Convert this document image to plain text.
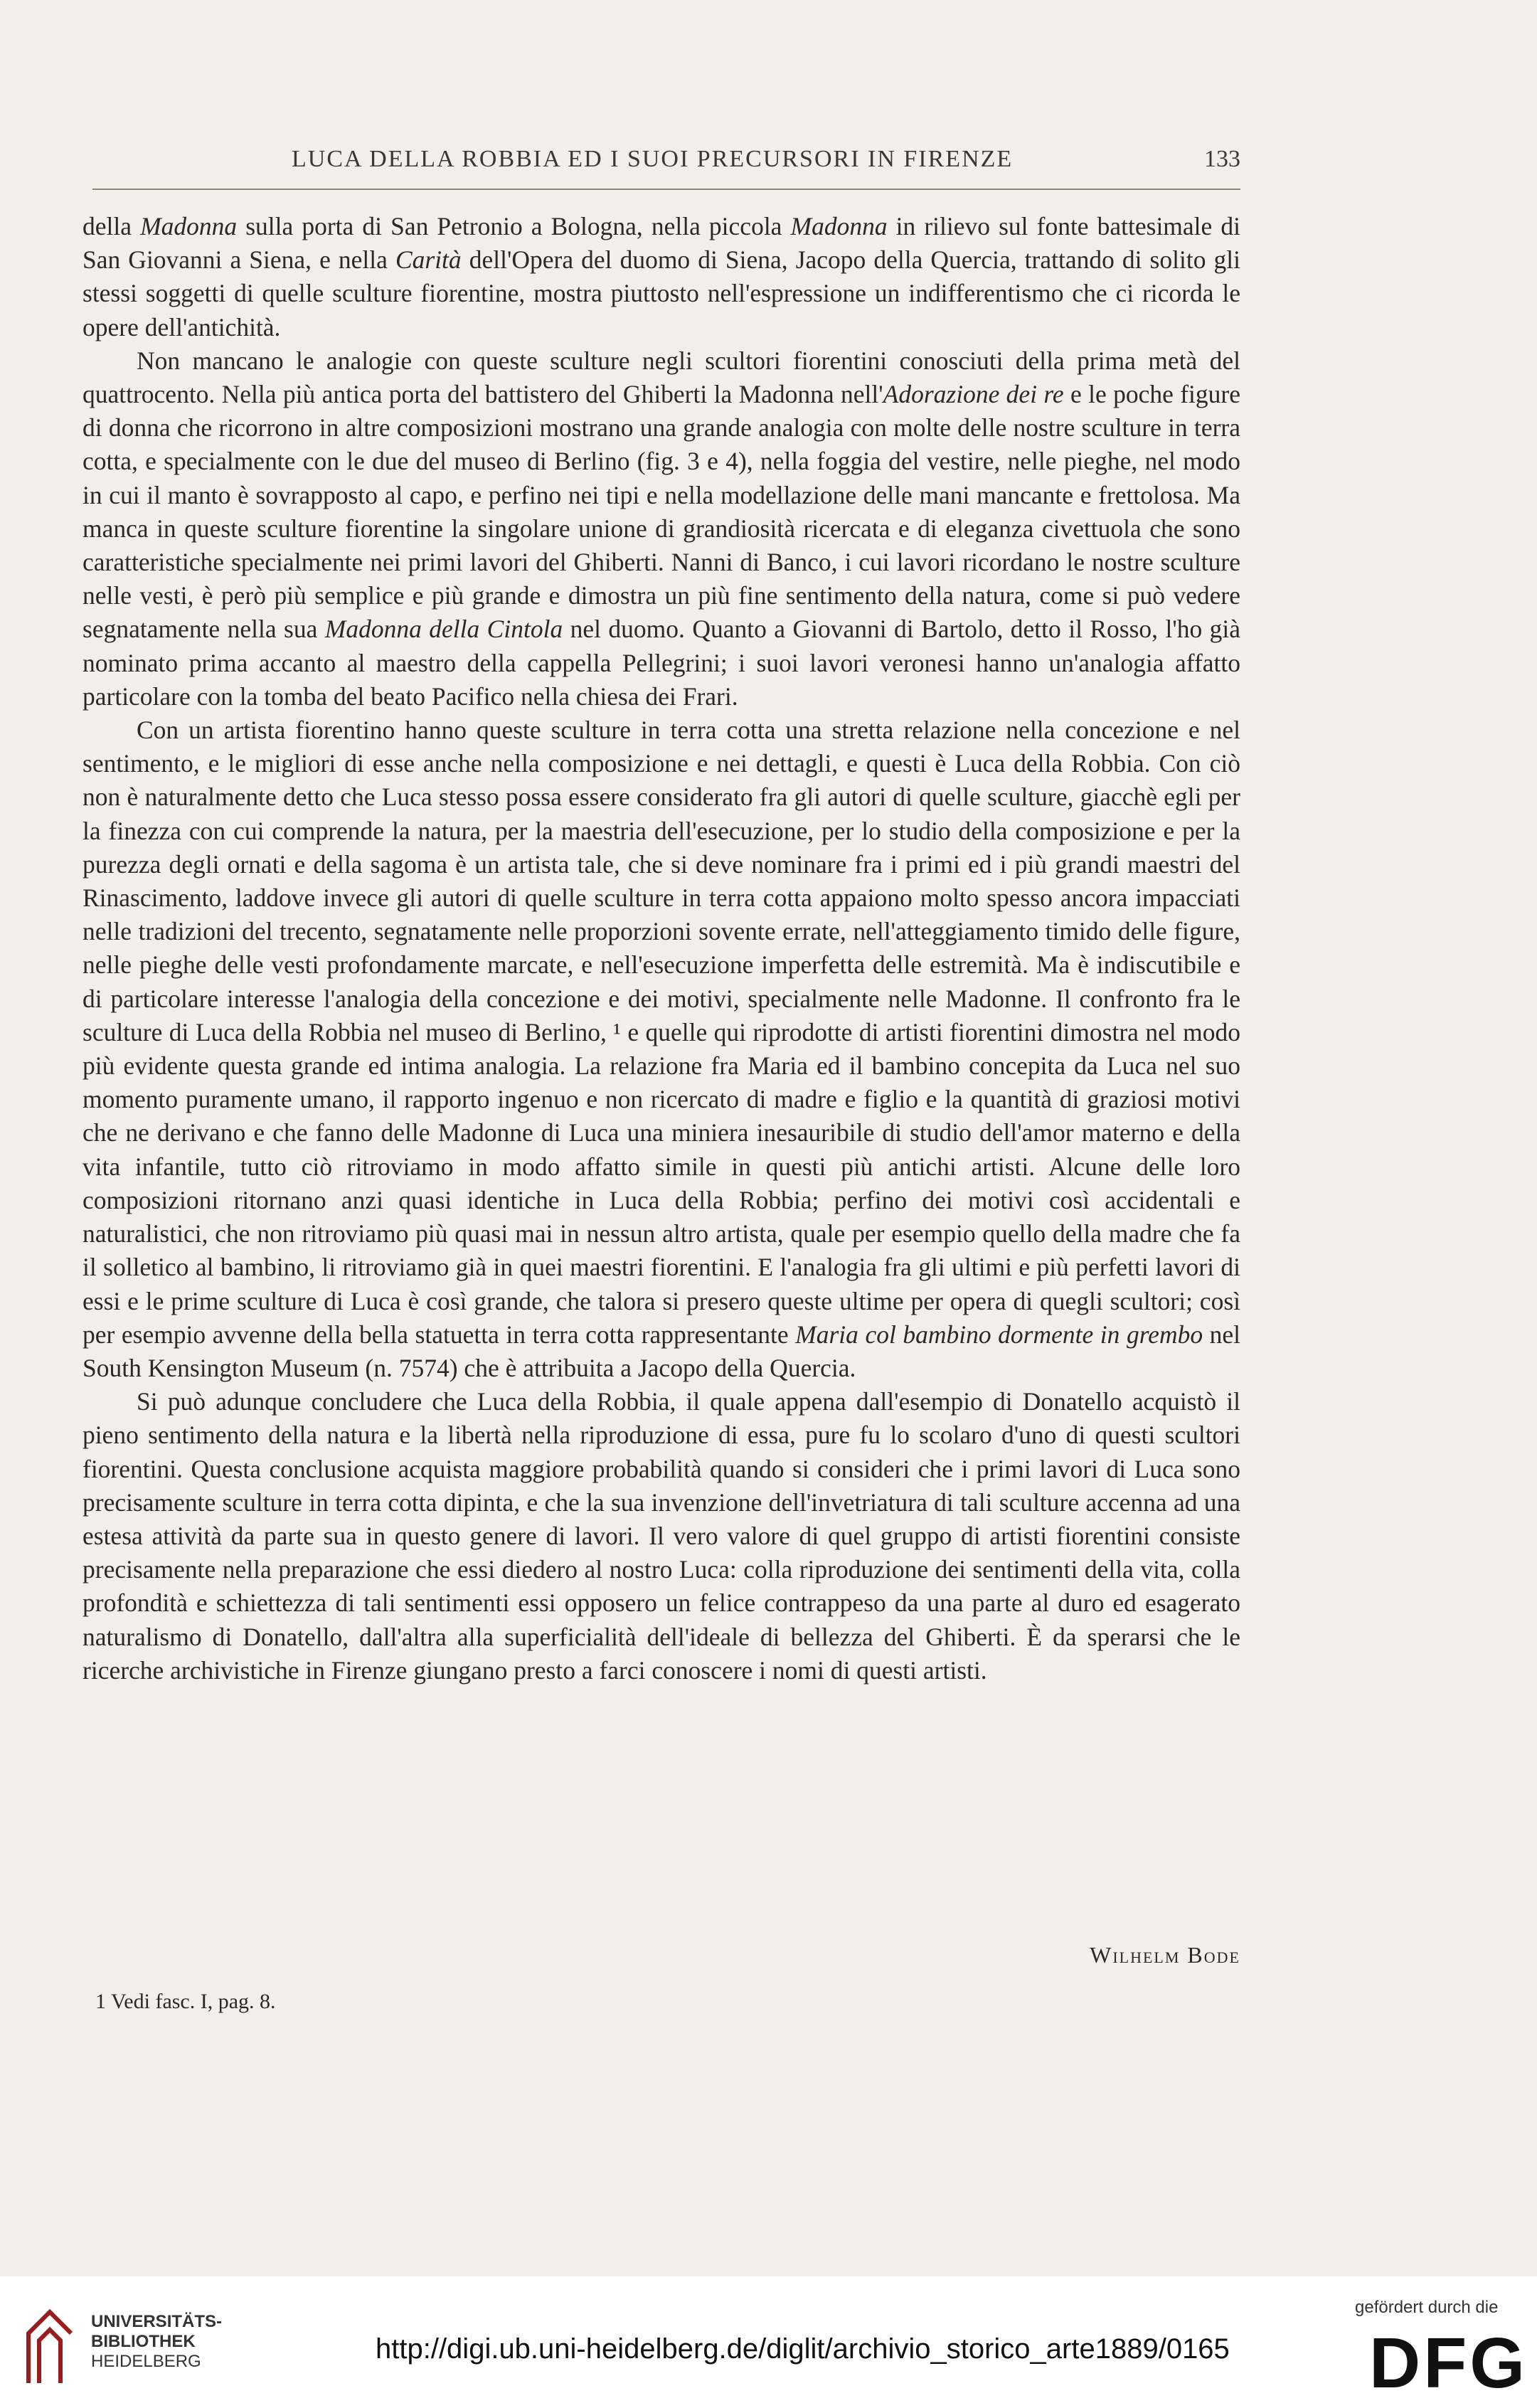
LUCA DELLA ROBBIA ED I SUOI PRECURSORI IN FIRENZE	133

della Madonna sulla porta di San Petronio a Bologna, nella piccola Madonna in rilievo sul fonte battesimale di San Giovanni a Siena, e nella Carità dell'Opera del duomo di Siena, Jacopo della Quercia, trattando di solito gli stessi soggetti di quelle sculture fiorentine, mostra piuttosto nell'espressione un indifferentismo che ci ricorda le opere dell'antichità.

Non mancano le analogie con queste sculture negli scultori fiorentini conosciuti della prima metà del quattrocento. Nella più antica porta del battistero del Ghiberti la Madonna nell'Adorazione dei re e le poche figure di donna che ricorrono in altre composizioni mostrano una grande analogia con molte delle nostre sculture in terra cotta, e specialmente con le due del museo di Berlino (fig. 3 e 4), nella foggia del vestire, nelle pieghe, nel modo in cui il manto è sovrapposto al capo, e perfino nei tipi e nella modellazione delle mani mancante e frettolosa. Ma manca in queste sculture fiorentine la singolare unione di grandiosità ricercata e di eleganza civettuola che sono caratteristiche specialmente nei primi lavori del Ghiberti. Nanni di Banco, i cui lavori ricordano le nostre sculture nelle vesti, è però più semplice e più grande e dimostra un più fine sentimento della natura, come si può vedere segnatamente nella sua Madonna della Cintola nel duomo. Quanto a Giovanni di Bartolo, detto il Rosso, l'ho già nominato prima accanto al maestro della cappella Pellegrini; i suoi lavori veronesi hanno un'analogia affatto particolare con la tomba del beato Pacifico nella chiesa dei Frari.

Con un artista fiorentino hanno queste sculture in terra cotta una stretta relazione nella concezione e nel sentimento, e le migliori di esse anche nella composizione e nei dettagli, e questi è Luca della Robbia. Con ciò non è naturalmente detto che Luca stesso possa essere considerato fra gli autori di quelle sculture, giacchè egli per la finezza con cui comprende la natura, per la maestria dell'esecuzione, per lo studio della composizione e per la purezza degli ornati e della sagoma è un artista tale, che si deve nominare fra i primi ed i più grandi maestri del Rinascimento, laddove invece gli autori di quelle sculture in terra cotta appaiono molto spesso ancora impacciati nelle tradizioni del trecento, segnatamente nelle proporzioni sovente errate, nell'atteggiamento timido delle figure, nelle pieghe delle vesti profondamente marcate, e nell'esecuzione imperfetta delle estremità. Ma è indiscutibile e di particolare interesse l'analogia della concezione e dei motivi, specialmente nelle Madonne. Il confronto fra le sculture di Luca della Robbia nel museo di Berlino, ¹ e quelle qui riprodotte di artisti fiorentini dimostra nel modo più evidente questa grande ed intima analogia. La relazione fra Maria ed il bambino concepita da Luca nel suo momento puramente umano, il rapporto ingenuo e non ricercato di madre e figlio e la quantità di graziosi motivi che ne derivano e che fanno delle Madonne di Luca una miniera inesauribile di studio dell'amor materno e della vita infantile, tutto ciò ritroviamo in modo affatto simile in questi più antichi artisti. Alcune delle loro composizioni ritornano anzi quasi identiche in Luca della Robbia; perfino dei motivi così accidentali e naturalistici, che non ritroviamo più quasi mai in nessun altro artista, quale per esempio quello della madre che fa il solletico al bambino, li ritroviamo già in quei maestri fiorentini. E l'analogia fra gli ultimi e più perfetti lavori di essi e le prime sculture di Luca è così grande, che talora si presero queste ultime per opera di quegli scultori; così per esempio avvenne della bella statuetta in terra cotta rappresentante Maria col bambino dormente in grembo nel South Kensington Museum (n. 7574) che è attribuita a Jacopo della Quercia.

Si può adunque concludere che Luca della Robbia, il quale appena dall'esempio di Donatello acquistò il pieno sentimento della natura e la libertà nella riproduzione di essa, pure fu lo scolaro d'uno di questi scultori fiorentini. Questa conclusione acquista maggiore probabilità quando si consideri che i primi lavori di Luca sono precisamente sculture in terra cotta dipinta, e che la sua invenzione dell'invetriatura di tali sculture accenna ad una estesa attività da parte sua in questo genere di lavori. Il vero valore di quel gruppo di artisti fiorentini consiste precisamente nella preparazione che essi diedero al nostro Luca: colla riproduzione dei sentimenti della vita, colla profondità e schiettezza di tali sentimenti essi opposero un felice contrappeso da una parte al duro ed esagerato naturalismo di Donatello, dall'altra alla superficialità dell'ideale di bellezza del Ghiberti. È da sperarsi che le ricerche archivistiche in Firenze giungano presto a farci conoscere i nomi di questi artisti.

Wilhelm Bode
1 Vedi fasc. I, pag. 8.
UNIVERSITÄTS-
BIBLIOTHEK
HEIDELBERG	http://digi.ub.uni-heidelberg.de/diglit/archivio_storico_arte1889/0165
gefördert durch die
DFG
